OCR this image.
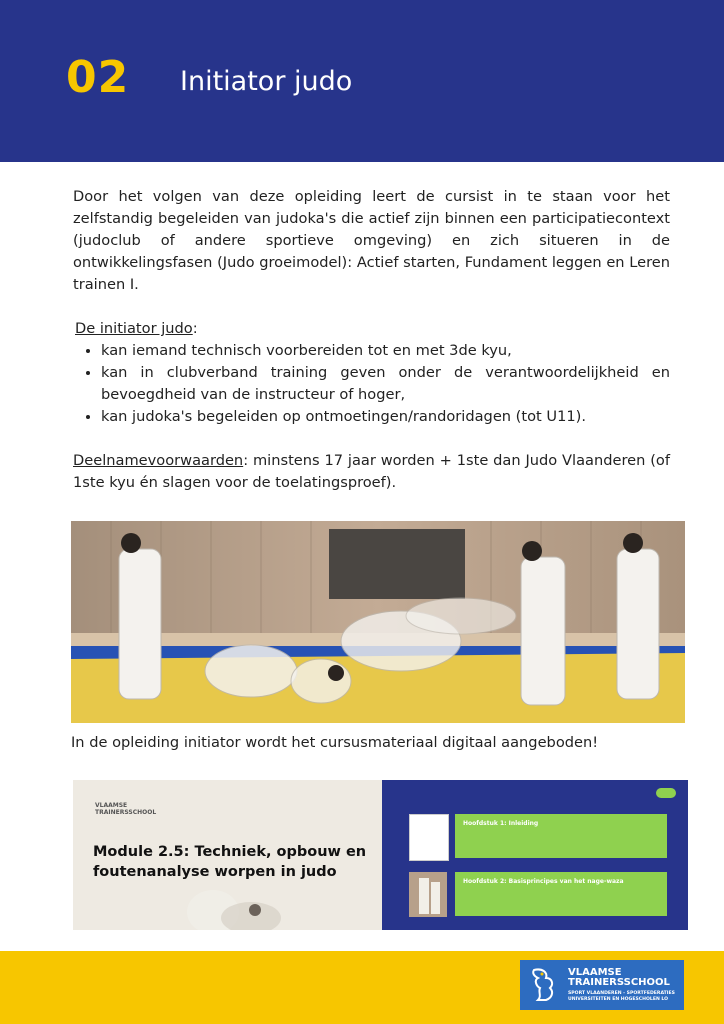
02 Initiator judo

Door het volgen van deze opleiding leert de cursist in te staan voor het zelfstandig begeleiden van judoka's die actief zijn binnen een participatiecontext (judoclub of andere sportieve omgeving) en zich situeren in de ontwikkelingsfasen (Judo groeimodel): Actief starten, Fundament leggen en Leren trainen I.

De initiator judo:
• kan iemand technisch voorbereiden tot en met 3de kyu,
• kan in clubverband training geven onder de verantwoordelijkheid en bevoegdheid van de instructeur of hoger,
• kan judoka's begeleiden op ontmoetingen/randoridagen (tot U11).

Deelnamevoorwaarden: minstens 17 jaar worden + 1ste dan Judo Vlaanderen (of 1ste kyu én slagen voor de toelatingsproef).

In de opleiding initiator wordt het cursusmateriaal digitaal aangeboden!
VLAAMSE TRAINERSSCHOOL
Module 2.5: Techniek, opbouw en foutenanalyse worpen in judo
Hoofdstuk 1: Inleiding
Hoofdstuk 2: Basisprincipes van het nage-waza
VLAAMSE TRAINERSSCHOOL
SPORT VLAANDEREN - SPORTFEDERATIES
UNIVERSITEITEN EN HOGESCHOLEN LO
